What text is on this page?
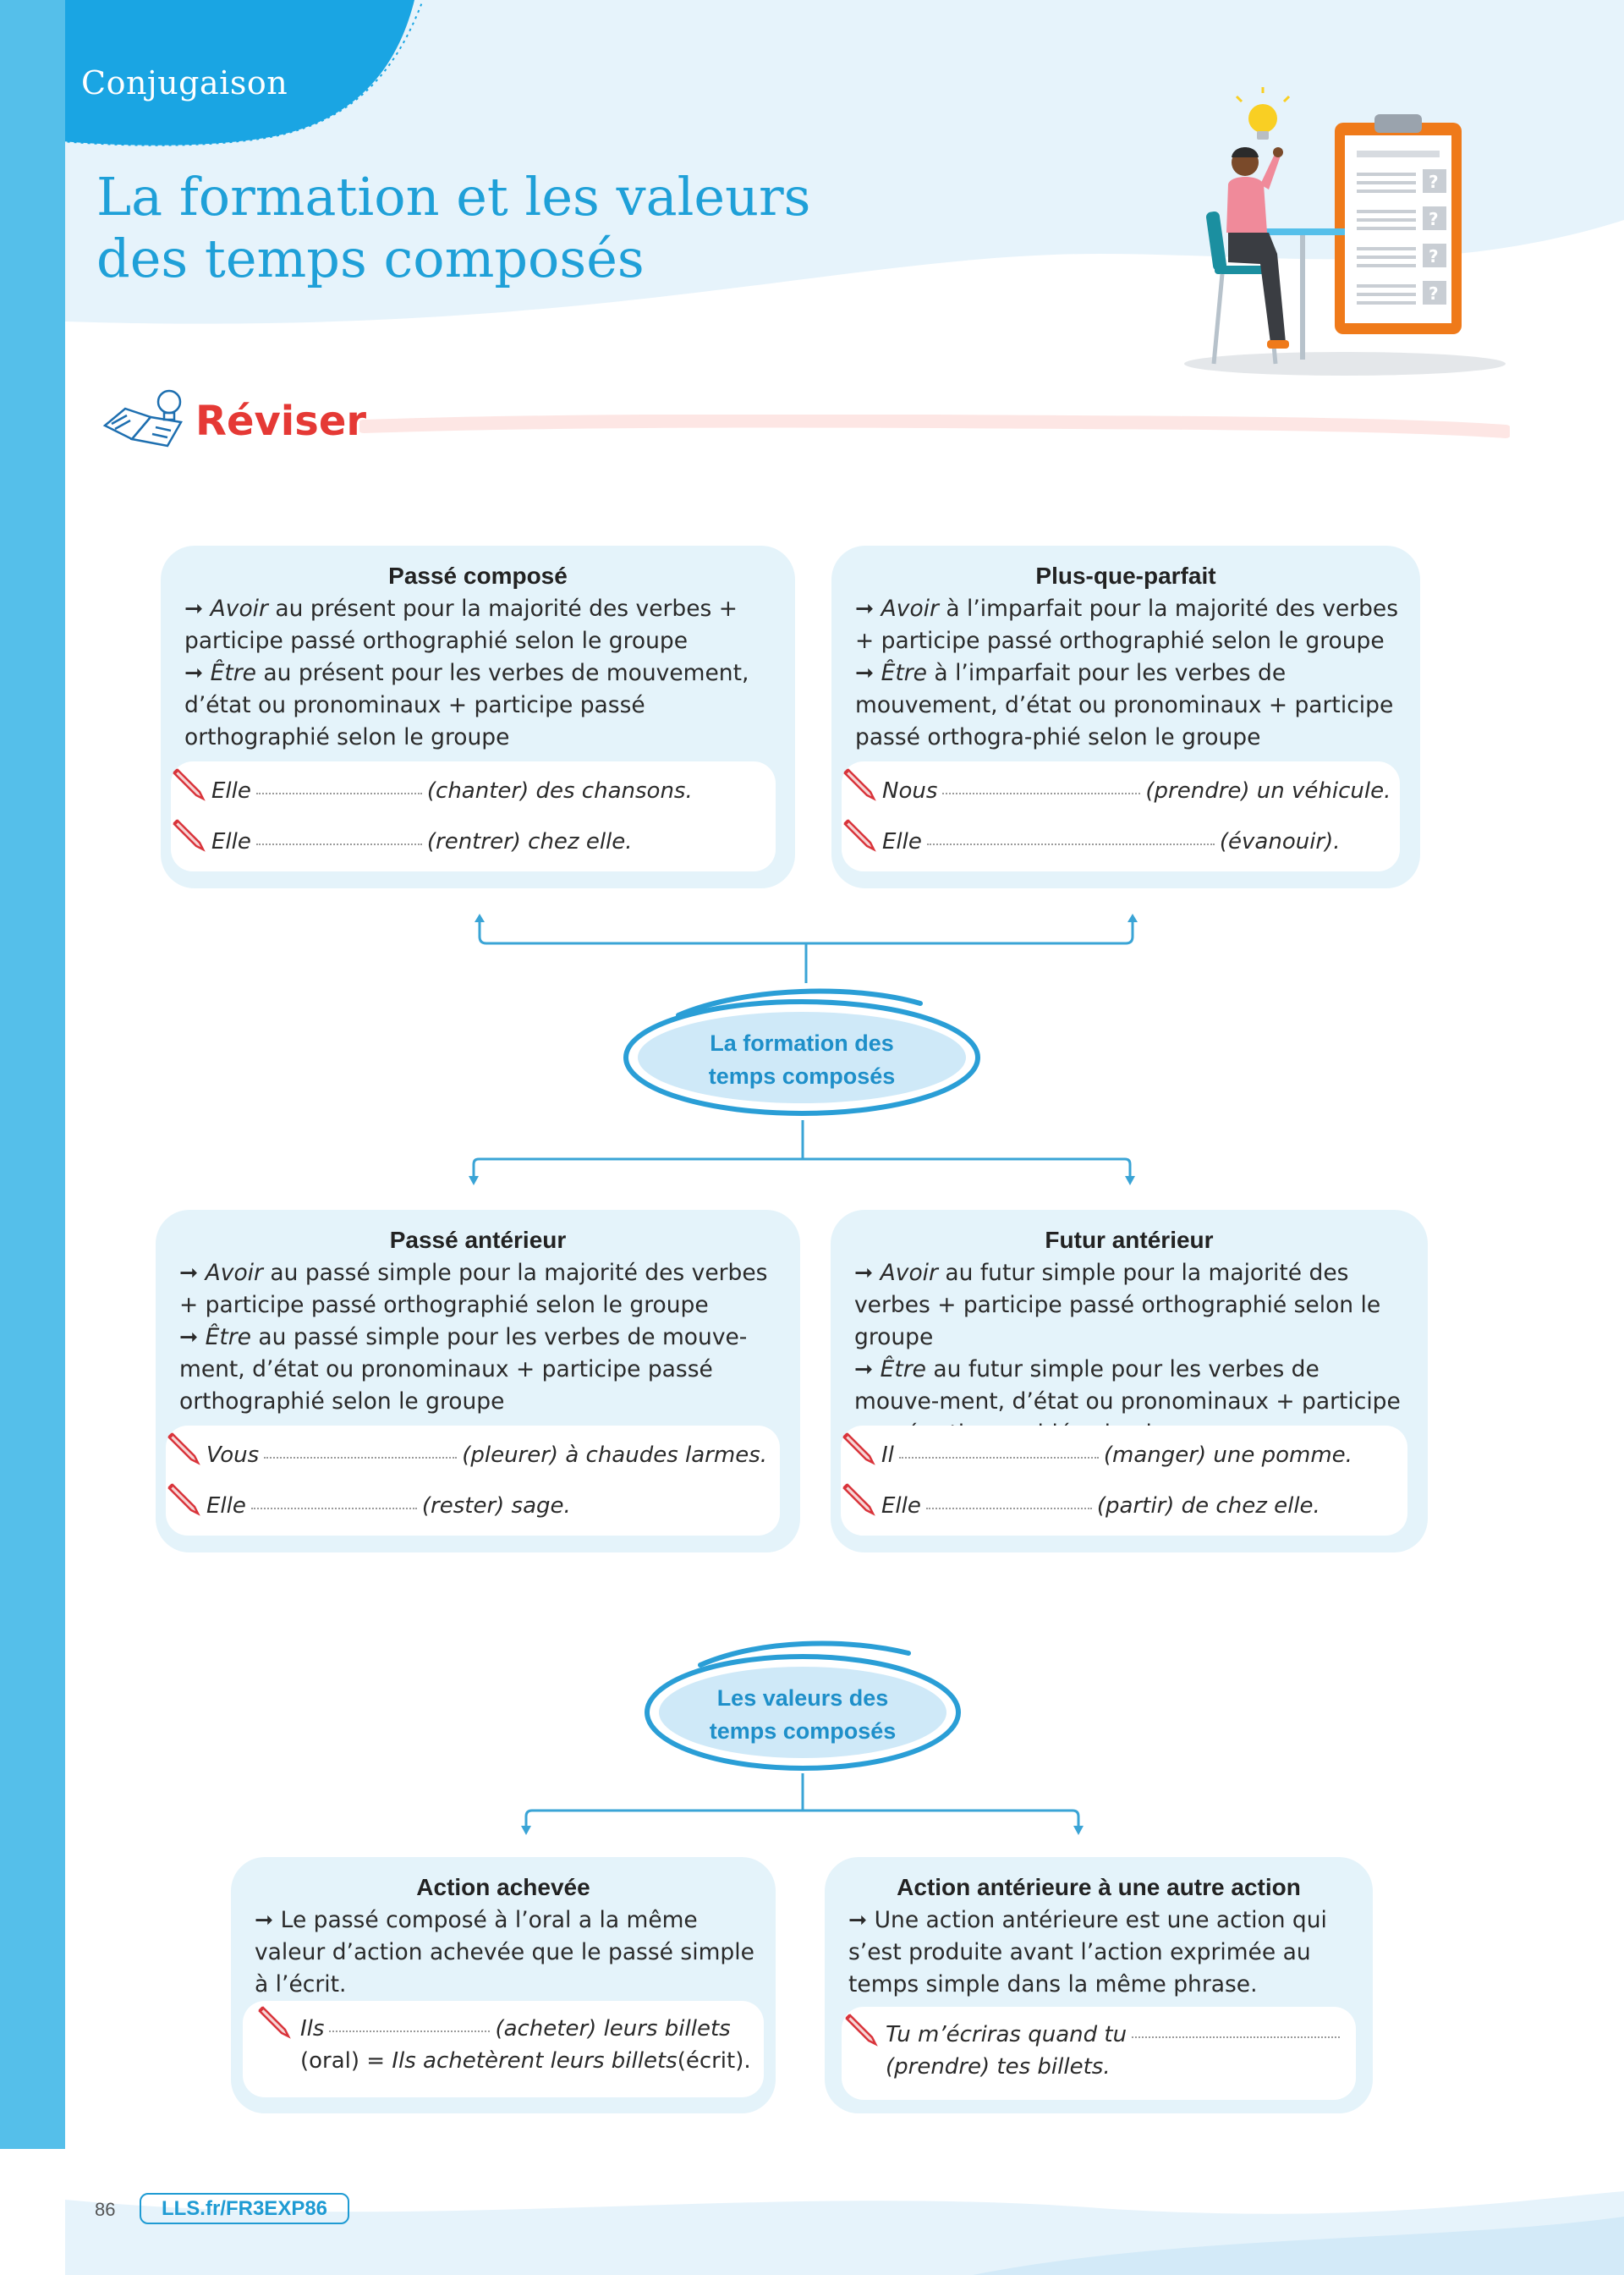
Conjugaison
La formation et les valeurs
des temps composés
?
?
?
?
Réviser
La formation des
temps composés
Les valeurs des
temps composés
Passé composé
➞ Avoir au présent pour la majorité des verbes + participe passé orthographié selon le groupe
➞ Être au présent pour les verbes de mouvement, d’état ou pronominaux + participe passé orthographié selon le groupe
Elle	(chanter) des chansons.
Elle	(rentrer) chez elle.
Plus-que-parfait
➞ Avoir à l’imparfait pour la majorité des verbes + participe passé orthographié selon le groupe
➞ Être à l’imparfait pour les verbes de mouvement, d’état ou pronominaux + participe passé orthogra-phié selon le groupe
Nous	(prendre) un véhicule.
Elle	(évanouir).
Passé antérieur
➞ Avoir au passé simple pour la majorité des verbes + participe passé orthographié selon le groupe
➞ Être au passé simple pour les verbes de mouve-ment, d’état ou pronominaux + participe passé orthographié selon le groupe
Vous	(pleurer) à chaudes larmes.
Elle	(rester) sage.
Futur antérieur
➞ Avoir au futur simple pour la majorité des verbes + participe passé orthographié selon le groupe
➞ Être au futur simple pour les verbes de mouve-ment, d’état ou pronominaux + participe
Il	(manger) une pomme.
Elle	(partir) de chez elle.
Action achevée
➞ Le passé composé à l’oral a la même valeur d’action achevée que le passé simple à l’écrit.
Ils	(acheter) leurs billets
(oral) =
Ils achetèrent leurs billets (écrit).
Action antérieure à une autre action
➞ Une action antérieure est une action qui s’est produite avant l’action exprimée au temps simple dans la même phrase.
Tu m’écriras quand tu
(prendre) tes billets.
86	LLS.fr/FR3EXP86
